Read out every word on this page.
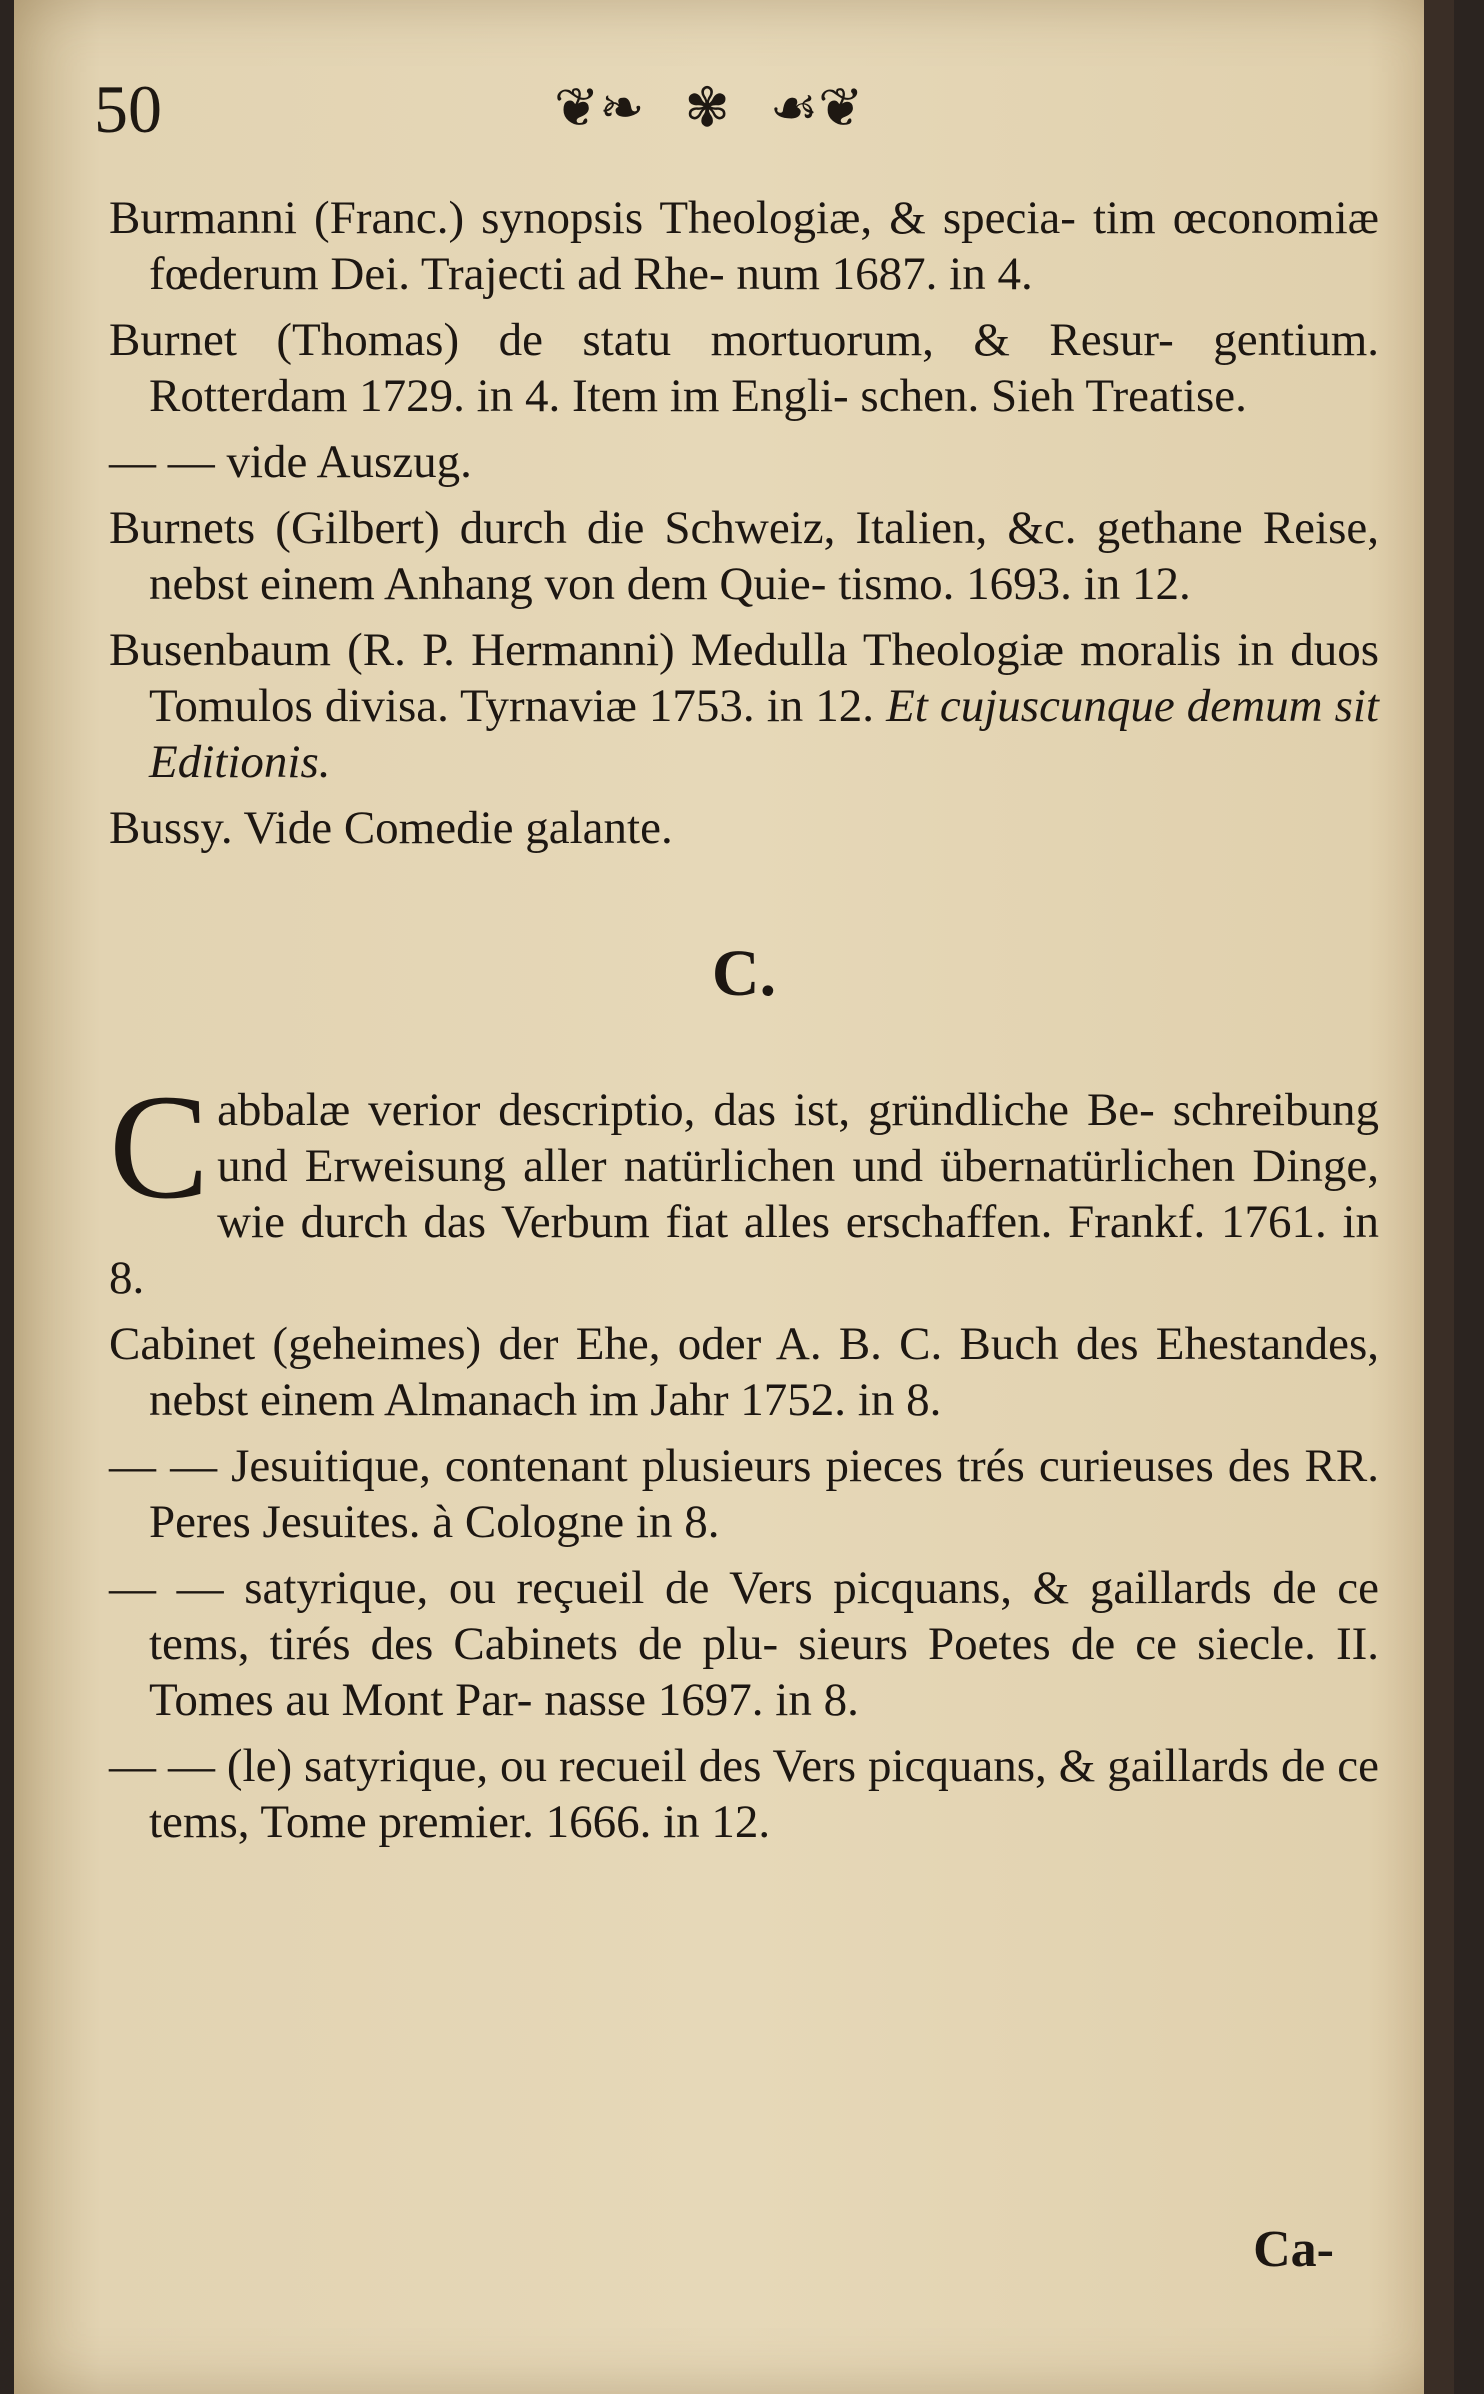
50	❦❧ ✾ ☙❦

Burmanni (Franc.) synopsis Theologiæ, & specia- tim œconomiæ fœderum Dei. Trajecti ad Rhe- num 1687. in 4.

Burnet (Thomas) de statu mortuorum, & Resur- gentium. Rotterdam 1729. in 4. Item im Engli- schen. Sieh Treatise.

— — vide Auszug.

Burnets (Gilbert) durch die Schweiz, Italien, &c. gethane Reise, nebst einem Anhang von dem Quie- tismo. 1693. in 12.

Busenbaum (R. P. Hermanni) Medulla Theologiæ moralis in duos Tomulos divisa. Tyrnaviæ 1753. in 12. Et cujuscunque demum sit Editionis.

Bussy. Vide Comedie galante.

C.

C abbalæ verior descriptio, das ist, gründliche Be- schreibung und Erweisung aller natürlichen und übernatürlichen Dinge, wie durch das Verbum fiat alles erschaffen. Frankf. 1761. in 8.

Cabinet (geheimes) der Ehe, oder A. B. C. Buch des Ehestandes, nebst einem Almanach im Jahr 1752. in 8.

— — Jesuitique, contenant plusieurs pieces trés curieuses des RR. Peres Jesuites. à Cologne in 8.

— — satyrique, ou reçueil de Vers picquans, & gaillards de ce tems, tirés des Cabinets de plu- sieurs Poetes de ce siecle. II. Tomes au Mont Par- nasse 1697. in 8.

— — (le) satyrique, ou recueil des Vers picquans, & gaillards de ce tems, Tome premier. 1666. in 12.

Ca-
